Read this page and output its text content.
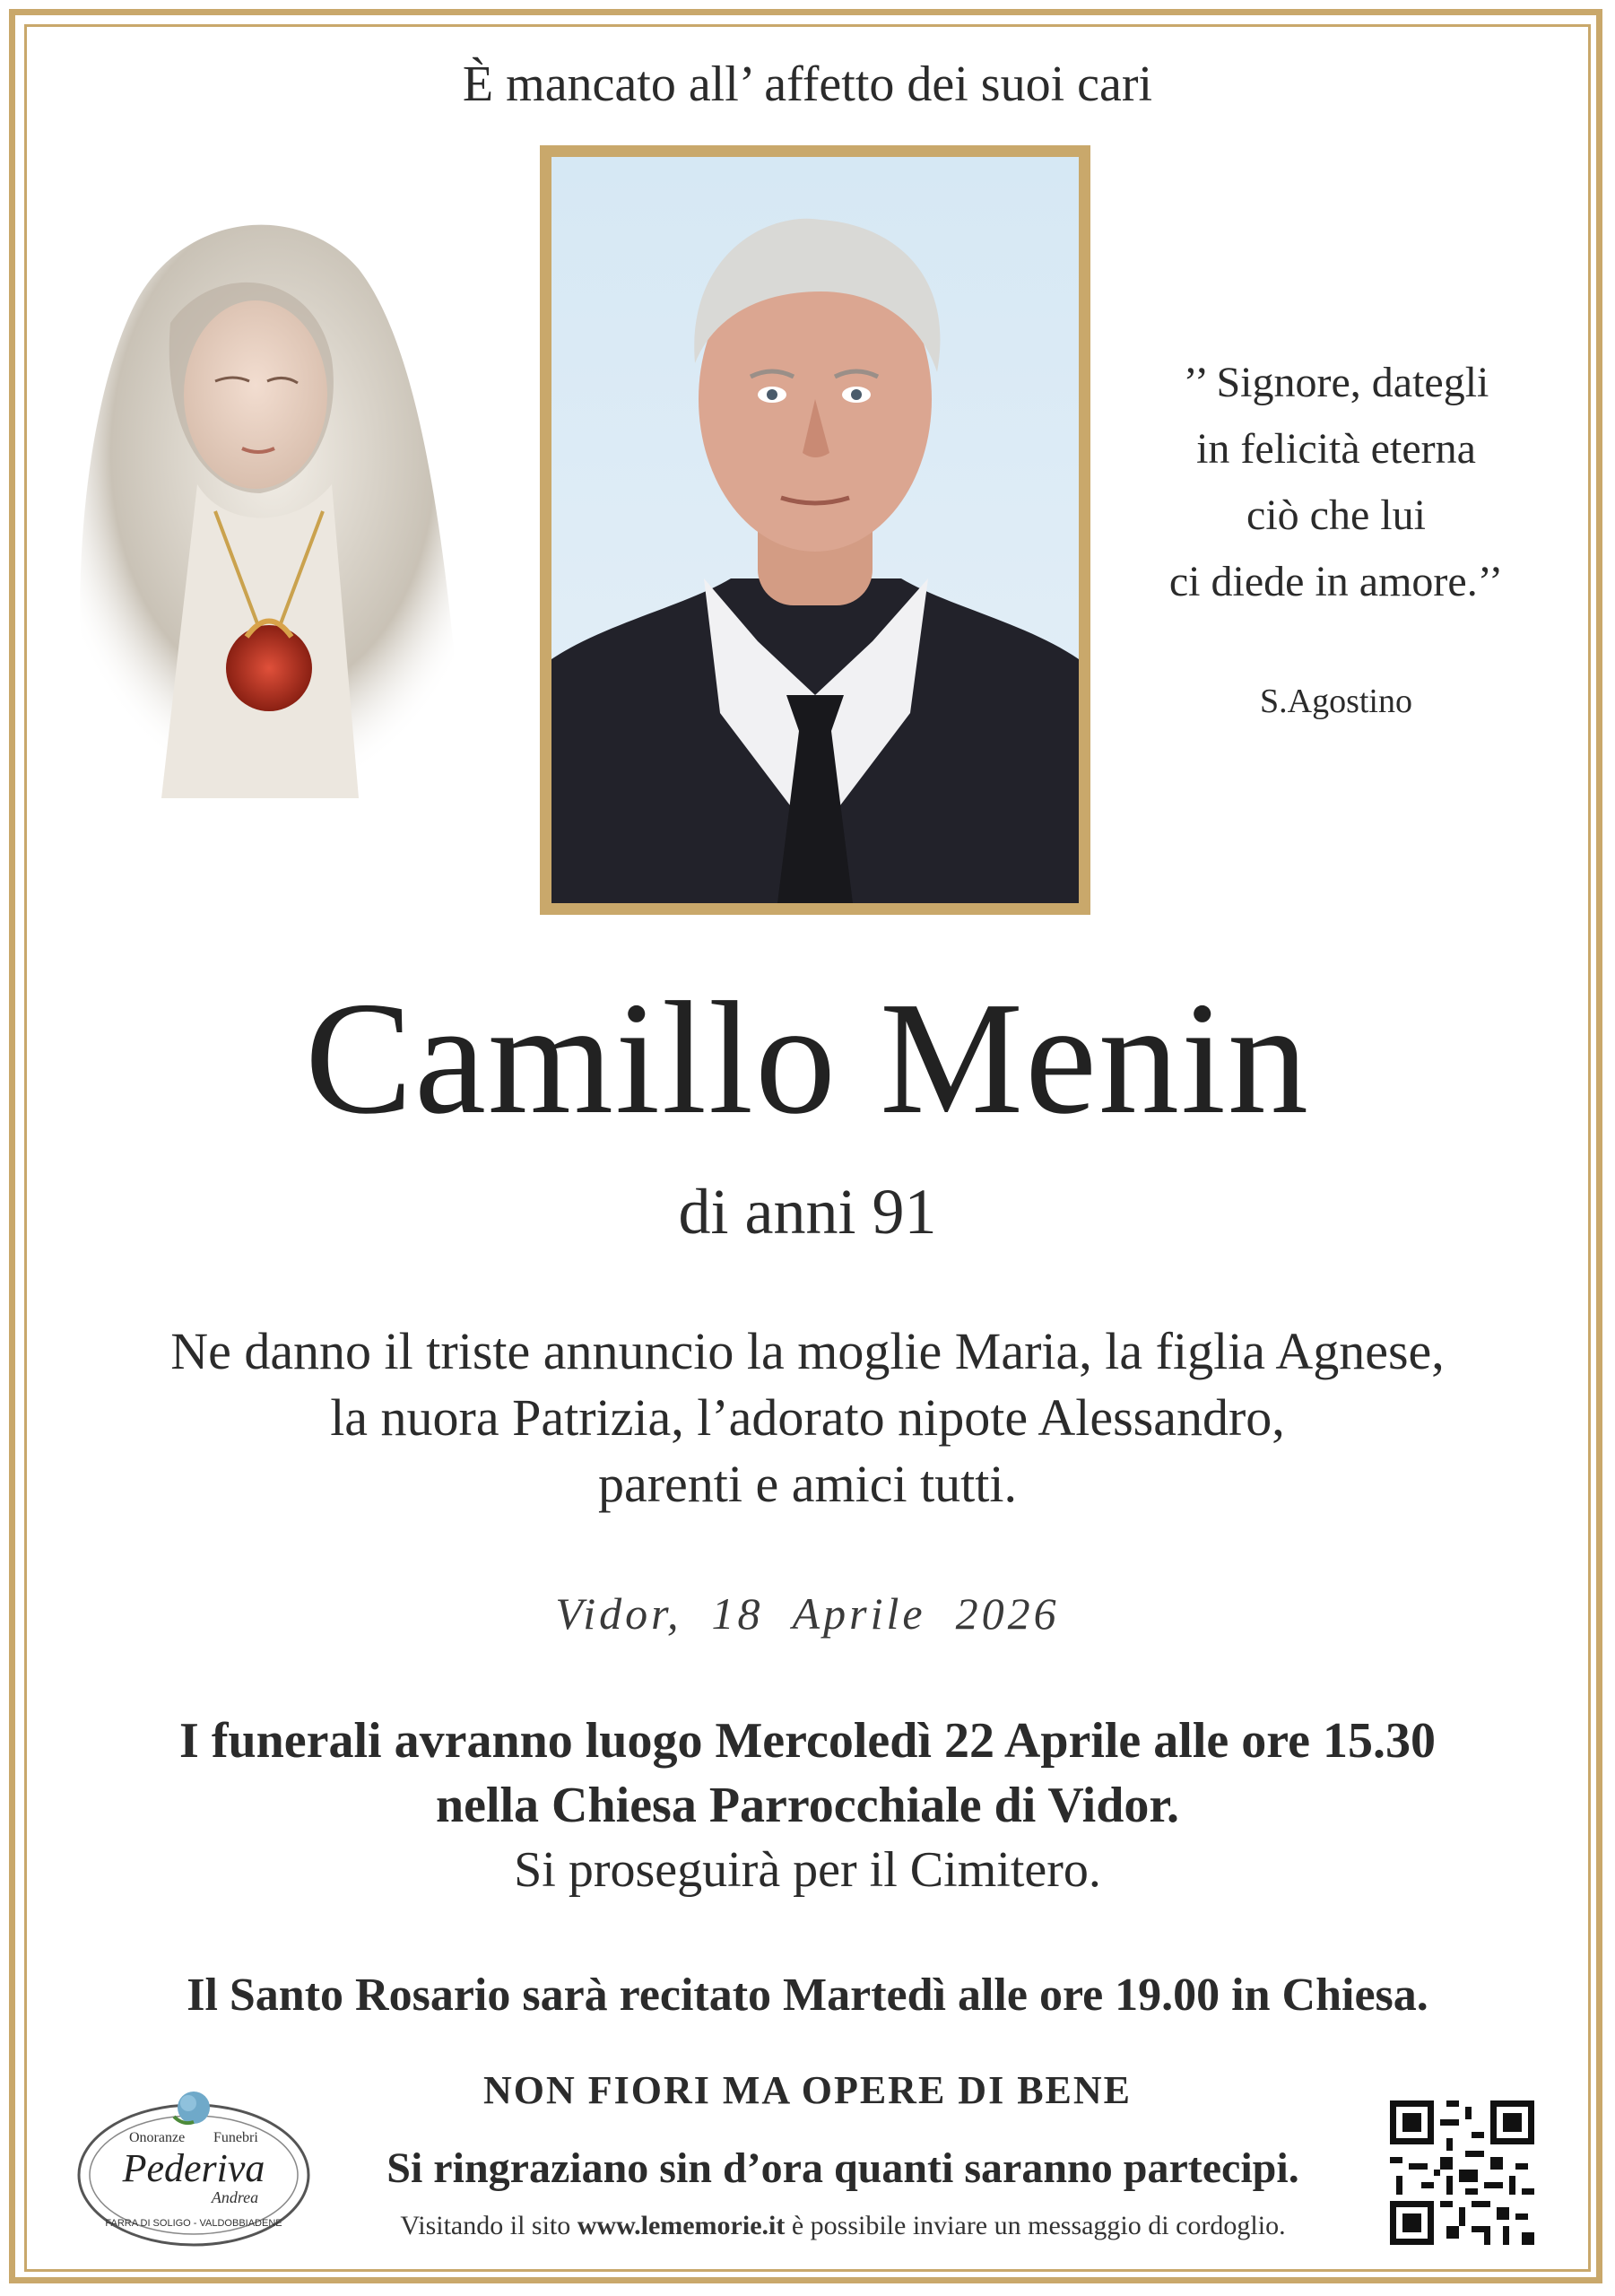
È mancato all’ affetto dei suoi cari
’’ Signore, dategli
in felicità eterna
ciò che lui
ci diede in amore.’’
S.Agostino
Camillo Menin
di anni 91
Ne danno il triste annuncio la moglie Maria, la figlia Agnese,
la nuora Patrizia, l’adorato nipote Alessandro,
parenti e amici tutti.
Vidor,  18  Aprile  2026
I funerali avranno luogo Mercoledì 22 Aprile alle ore 15.30
nella Chiesa Parrocchiale di Vidor.
Si proseguirà per il Cimitero.
Il Santo Rosario sarà recitato Martedì alle ore 19.00 in Chiesa.
NON FIORI MA OPERE DI BENE
Si ringraziano sin d’ora quanti saranno partecipi.
Visitando il sito www.lememorie.it è possibile inviare un messaggio di cordoglio.
Onoranze Funebri
Pederiva
Andrea
FARRA DI SOLIGO - VALDOBBIADENE
